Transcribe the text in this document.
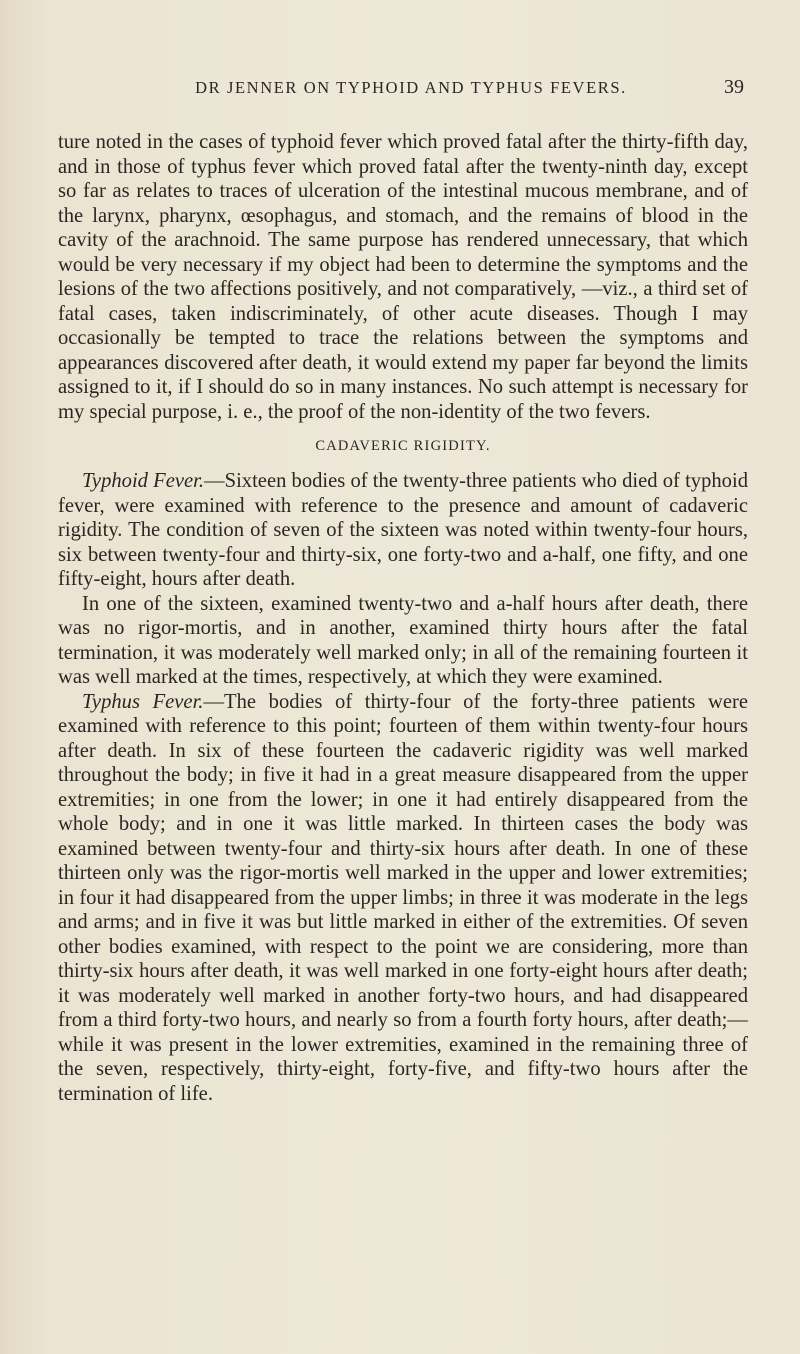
DR JENNER ON TYPHOID AND TYPHUS FEVERS.	39

ture noted in the cases of typhoid fever which proved fatal after the thirty-fifth day, and in those of typhus fever which proved fatal after the twenty-ninth day, except so far as relates to traces of ulceration of the intestinal mucous membrane, and of the larynx, pharynx, œsophagus, and stomach, and the remains of blood in the cavity of the arachnoid. The same purpose has rendered unnecessary, that which would be very necessary if my object had been to determine the symptoms and the lesions of the two affections positively, and not comparatively, —viz., a third set of fatal cases, taken indiscriminately, of other acute diseases. Though I may occasionally be tempted to trace the relations between the symptoms and appearances discovered after death, it would extend my paper far beyond the limits assigned to it, if I should do so in many instances. No such attempt is necessary for my special purpose, i. e., the proof of the non-identity of the two fevers.

CADAVERIC RIGIDITY.

Typhoid Fever.—Sixteen bodies of the twenty-three patients who died of typhoid fever, were examined with reference to the presence and amount of cadaveric rigidity. The condition of seven of the sixteen was noted within twenty-four hours, six between twenty-four and thirty-six, one forty-two and a-half, one fifty, and one fifty-eight, hours after death.

In one of the sixteen, examined twenty-two and a-half hours after death, there was no rigor-mortis, and in another, examined thirty hours after the fatal termination, it was moderately well marked only; in all of the remaining fourteen it was well marked at the times, respectively, at which they were examined.

Typhus Fever.—The bodies of thirty-four of the forty-three patients were examined with reference to this point; fourteen of them within twenty-four hours after death. In six of these fourteen the cadaveric rigidity was well marked throughout the body; in five it had in a great measure disappeared from the upper extremities; in one from the lower; in one it had entirely disappeared from the whole body; and in one it was little marked. In thirteen cases the body was examined between twenty-four and thirty-six hours after death. In one of these thirteen only was the rigor-mortis well marked in the upper and lower extremities; in four it had disappeared from the upper limbs; in three it was moderate in the legs and arms; and in five it was but little marked in either of the extremities. Of seven other bodies examined, with respect to the point we are considering, more than thirty-six hours after death, it was well marked in one forty-eight hours after death; it was moderately well marked in another forty-two hours, and had disappeared from a third forty-two hours, and nearly so from a fourth forty hours, after death;—while it was present in the lower extremities, examined in the remaining three of the seven, respectively, thirty-eight, forty-five, and fifty-two hours after the termination of life.
